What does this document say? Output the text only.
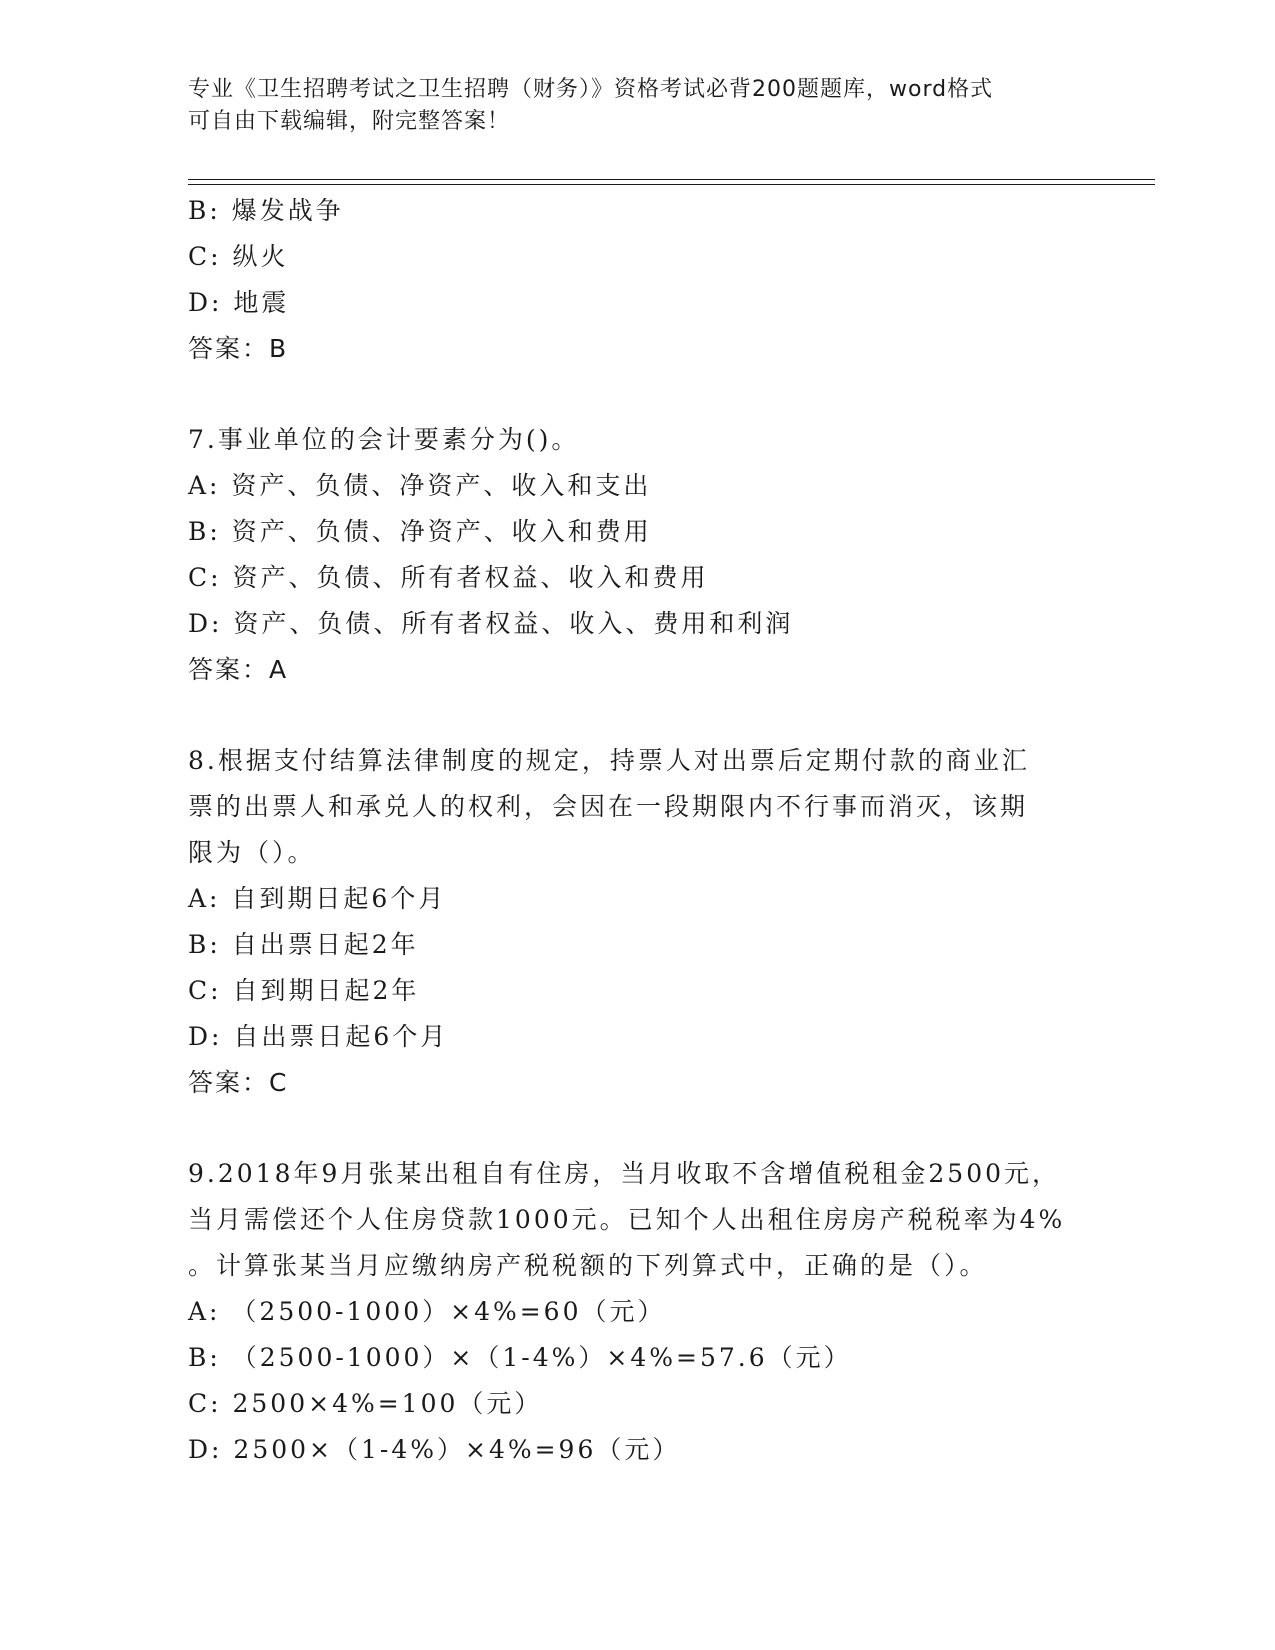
专业《卫生招聘考试之卫生招聘（财务）》资格考试必背200题题库，word格式
可自由下载编辑，附完整答案！
B: 爆发战争
C: 纵火
D: 地震
答案：B
7.事业单位的会计要素分为()。
A: 资产、负债、净资产、收入和支出
B: 资产、负债、净资产、收入和费用
C: 资产、负债、所有者权益、收入和费用
D: 资产、负债、所有者权益、收入、费用和利润
答案：A
8.根据支付结算法律制度的规定，持票人对出票后定期付款的商业汇
票的出票人和承兑人的权利，会因在一段期限内不行事而消灭，该期
限为（）。
A: 自到期日起6个月
B: 自出票日起2年
C: 自到期日起2年
D: 自出票日起6个月
答案：C
9.2018年9月张某出租自有住房，当月收取不含增值税租金2500元，
当月需偿还个人住房贷款1000元。已知个人出租住房房产税税率为4%
。计算张某当月应缴纳房产税税额的下列算式中，正确的是（）。
A: （2500-1000）×4%=60（元）
B: （2500-1000）×（1-4%）×4%=57.6（元）
C: 2500×4%=100（元）
D: 2500×（1-4%）×4%=96（元）
